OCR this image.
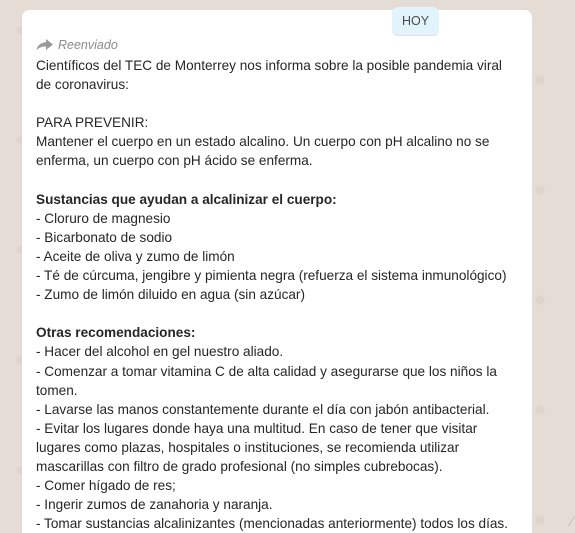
HOY
Reenviado
Científicos del TEC de Monterrey nos informa sobre la posible pandemia viral
de coronavirus:
PARA PREVENIR:
Mantener el cuerpo en un estado alcalino. Un cuerpo con pH alcalino no se
enferma, un cuerpo con pH ácido se enferma.
Sustancias que ayudan a alcalinizar el cuerpo:
- Cloruro de magnesio
- Bicarbonato de sodio
- Aceite de oliva y zumo de limón
- Té de cúrcuma, jengibre y pimienta negra (refuerza el sistema inmunológico)
- Zumo de limón diluido en agua (sin azúcar)
Otras recomendaciones:
- Hacer del alcohol en gel nuestro aliado.
- Comenzar a tomar vitamina C de alta calidad y asegurarse que los niños la
tomen.
- Lavarse las manos constantemente durante el día con jabón antibacterial.
- Evitar los lugares donde haya una multitud. En caso de tener que visitar
lugares como plazas, hospitales o instituciones, se recomienda utilizar
mascarillas con filtro de grado profesional (no simples cubrebocas).
- Comer hígado de res;
- Ingerir zumos de zanahoria y naranja.
- Tomar sustancias alcalinizantes (mencionadas anteriormente) todos los días.	⁄
